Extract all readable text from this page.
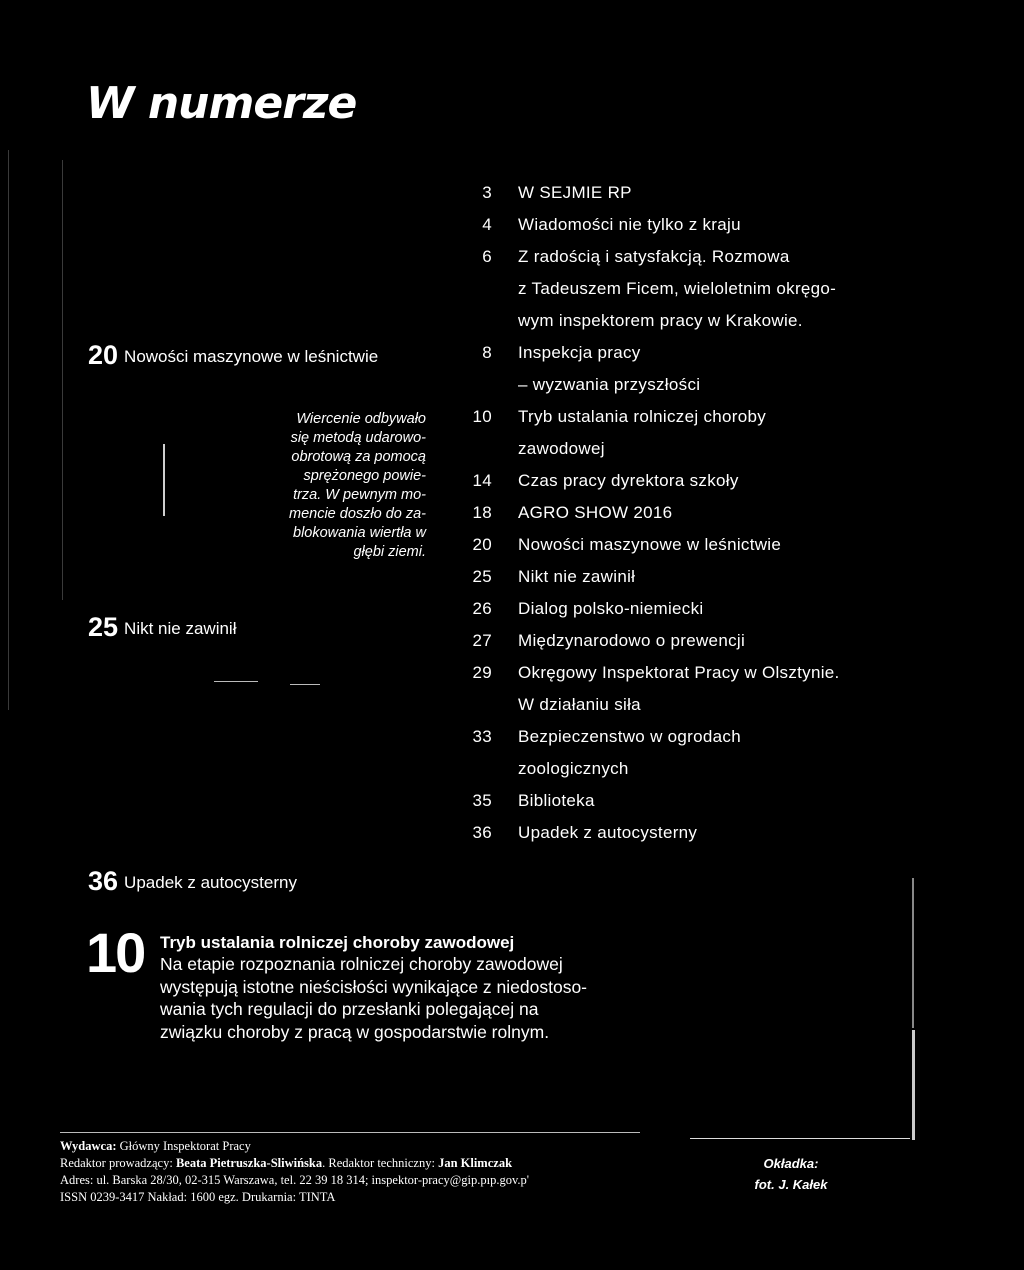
W numerze
20 Nowości maszynowe w leśnictwie
Wiercenie odbywało
się metodą udarowo-
obrotową za pomocą
sprężonego powie-
trza. W pewnym mo-
mencie doszło do za-
blokowania wiertła w
głębi ziemi.
25 Nikt nie zawinił
3 W SEJMIE RP
4 Wiadomości nie tylko z kraju
6 Z radością i satysfakcją. Rozmowa
z Tadeuszem Ficem, wieloletnim okręgo-
wym inspektorem pracy w Krakowie.
8 Inspekcja pracy
– wyzwania przyszłości
10 Tryb ustalania rolniczej choroby
zawodowej
14 Czas pracy dyrektora szkoły
18 AGRO SHOW 2016
20 Nowości maszynowe w leśnictwie
25 Nikt nie zawinił
26 Dialog polsko-niemiecki
27 Międzynarodowo o prewencji
29 Okręgowy Inspektorat Pracy w Olsztynie.
W działaniu siła
33 Bezpieczenstwo w ogrodach
zoologicznych
35 Biblioteka
36 Upadek z autocysterny
36 Upadek z autocysterny
10 Tryb ustalania rolniczej choroby zawodowej
Na etapie rozpoznania rolniczej choroby zawodowej
występują istotne nieścisłości wynikające z niedostoso-
wania tych regulacji do przesłanki polegającej na
związku choroby z pracą w gospodarstwie rolnym.
Wydawca: Główny Inspektorat Pracy
Redaktor prowadzący: Beata Pietruszka-Sliwińska. Redaktor techniczny: Jan Klimczak
Adres: ul. Barska 28/30, 02-315 Warszawa, tel. 22 39 18 314; inspektor-pracy@gip.pıp.gov.p'
ISSN 0239-3417 Nakład: 1600 egz. Drukarnia: TINTA
Okładka:
fot. J. Kałek
